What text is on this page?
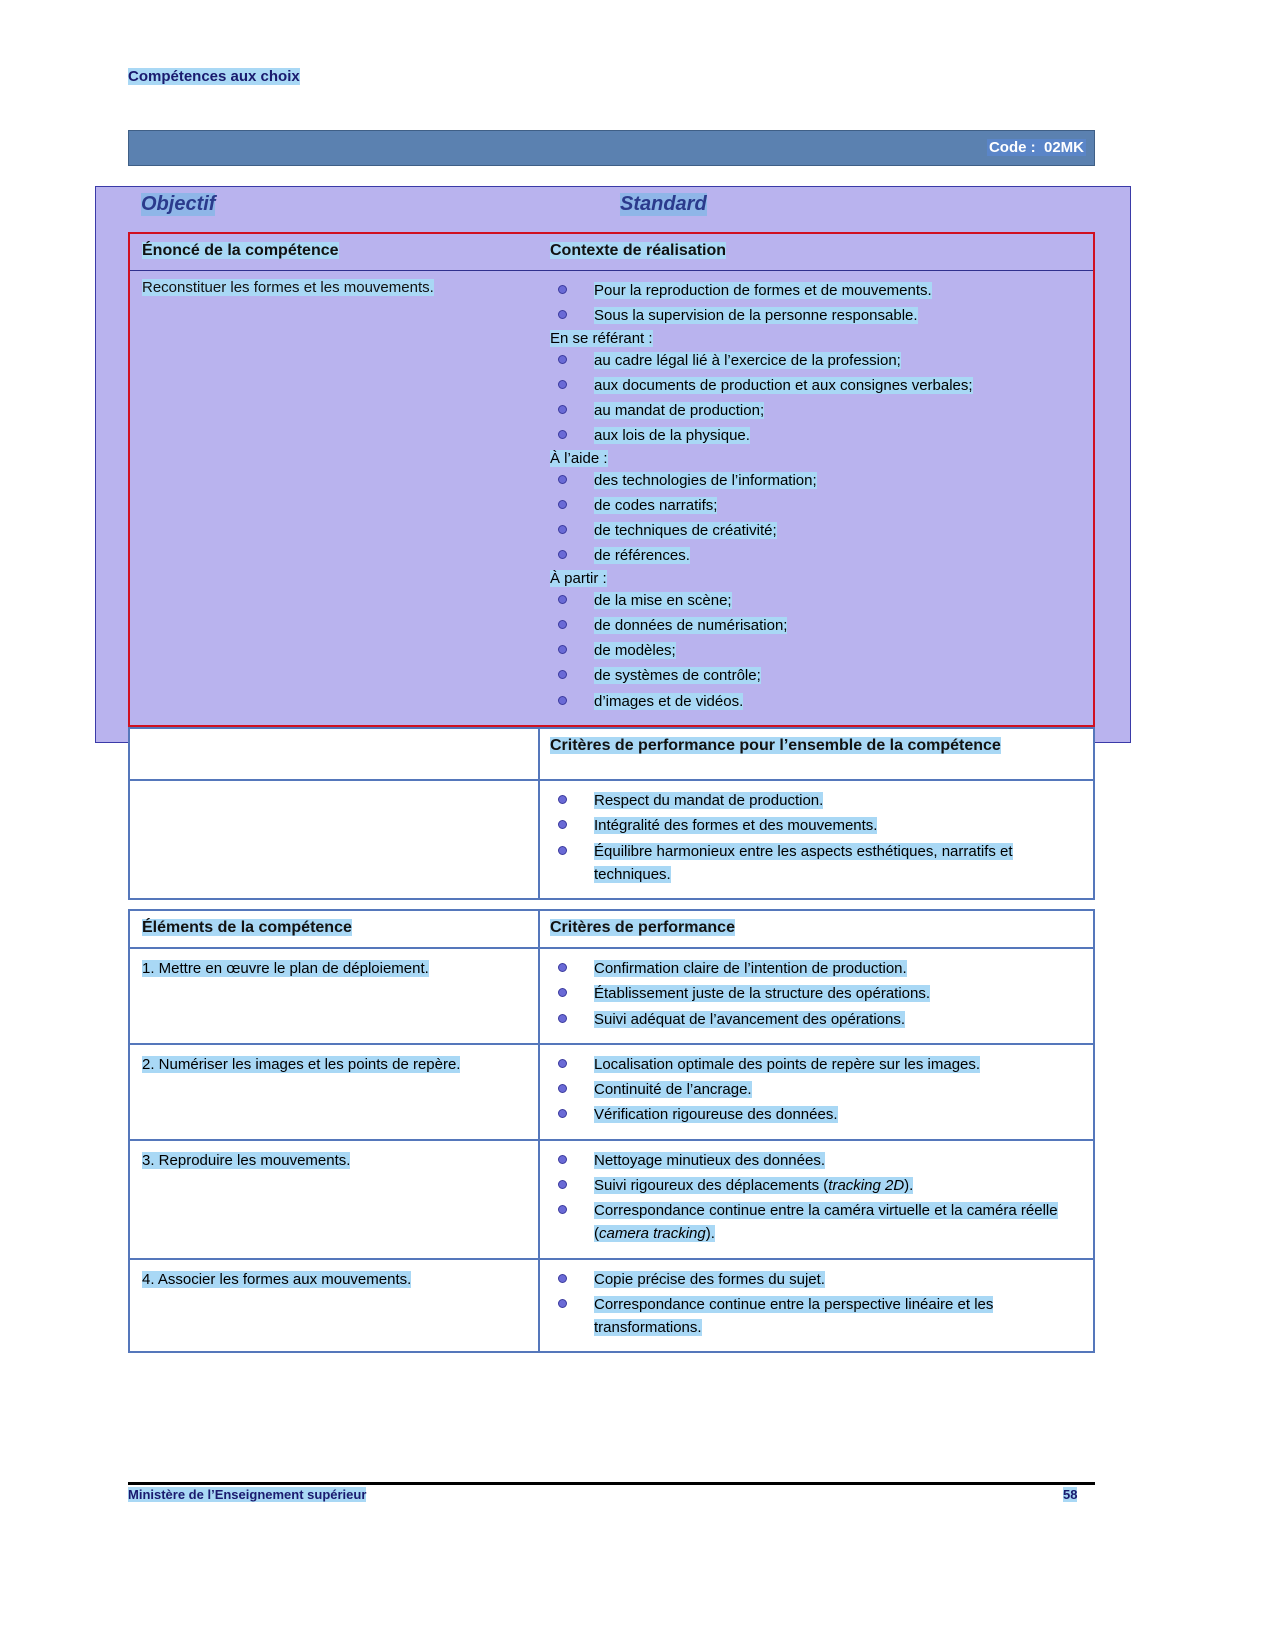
Compétences aux choix
Code : 02MK
Objectif	Standard
Énoncé de la compétence	Contexte de réalisation
Reconstituer les formes et les mouvements.	Pour la reproduction de formes et de mouvements.
Sous la supervision de la personne responsable.
En se référant :
au cadre légal lié à l’exercice de la profession;
aux documents de production et aux consignes verbales;
au mandat de production;
aux lois de la physique.
À l’aide :
des technologies de l’information;
de codes narratifs;
de techniques de créativité;
de références.
À partir :
de la mise en scène;
de données de numérisation;
de modèles;
de systèmes de contrôle;
d’images et de vidéos.

Critères de performance pour l’ensemble de la compétence

Respect du mandat de production.
Intégralité des formes et des mouvements.
Équilibre harmonieux entre les aspects esthétiques, narratifs et techniques.
Éléments de la compétence	Critères de performance
1. Mettre en œuvre le plan de déploiement.	Confirmation claire de l’intention de production.
Établissement juste de la structure des opérations.
Suivi adéquat de l’avancement des opérations.
2. Numériser les images et les points de repère.	Localisation optimale des points de repère sur les images.
Continuité de l’ancrage.
Vérification rigoureuse des données.
3. Reproduire les mouvements.	Nettoyage minutieux des données.
Suivi rigoureux des déplacements (tracking 2D).
Correspondance continue entre la caméra virtuelle et la caméra réelle (camera tracking).
4. Associer les formes aux mouvements.	Copie précise des formes du sujet.
Correspondance continue entre la perspective linéaire et les transformations.
Ministère de l’Enseignement supérieur	58
